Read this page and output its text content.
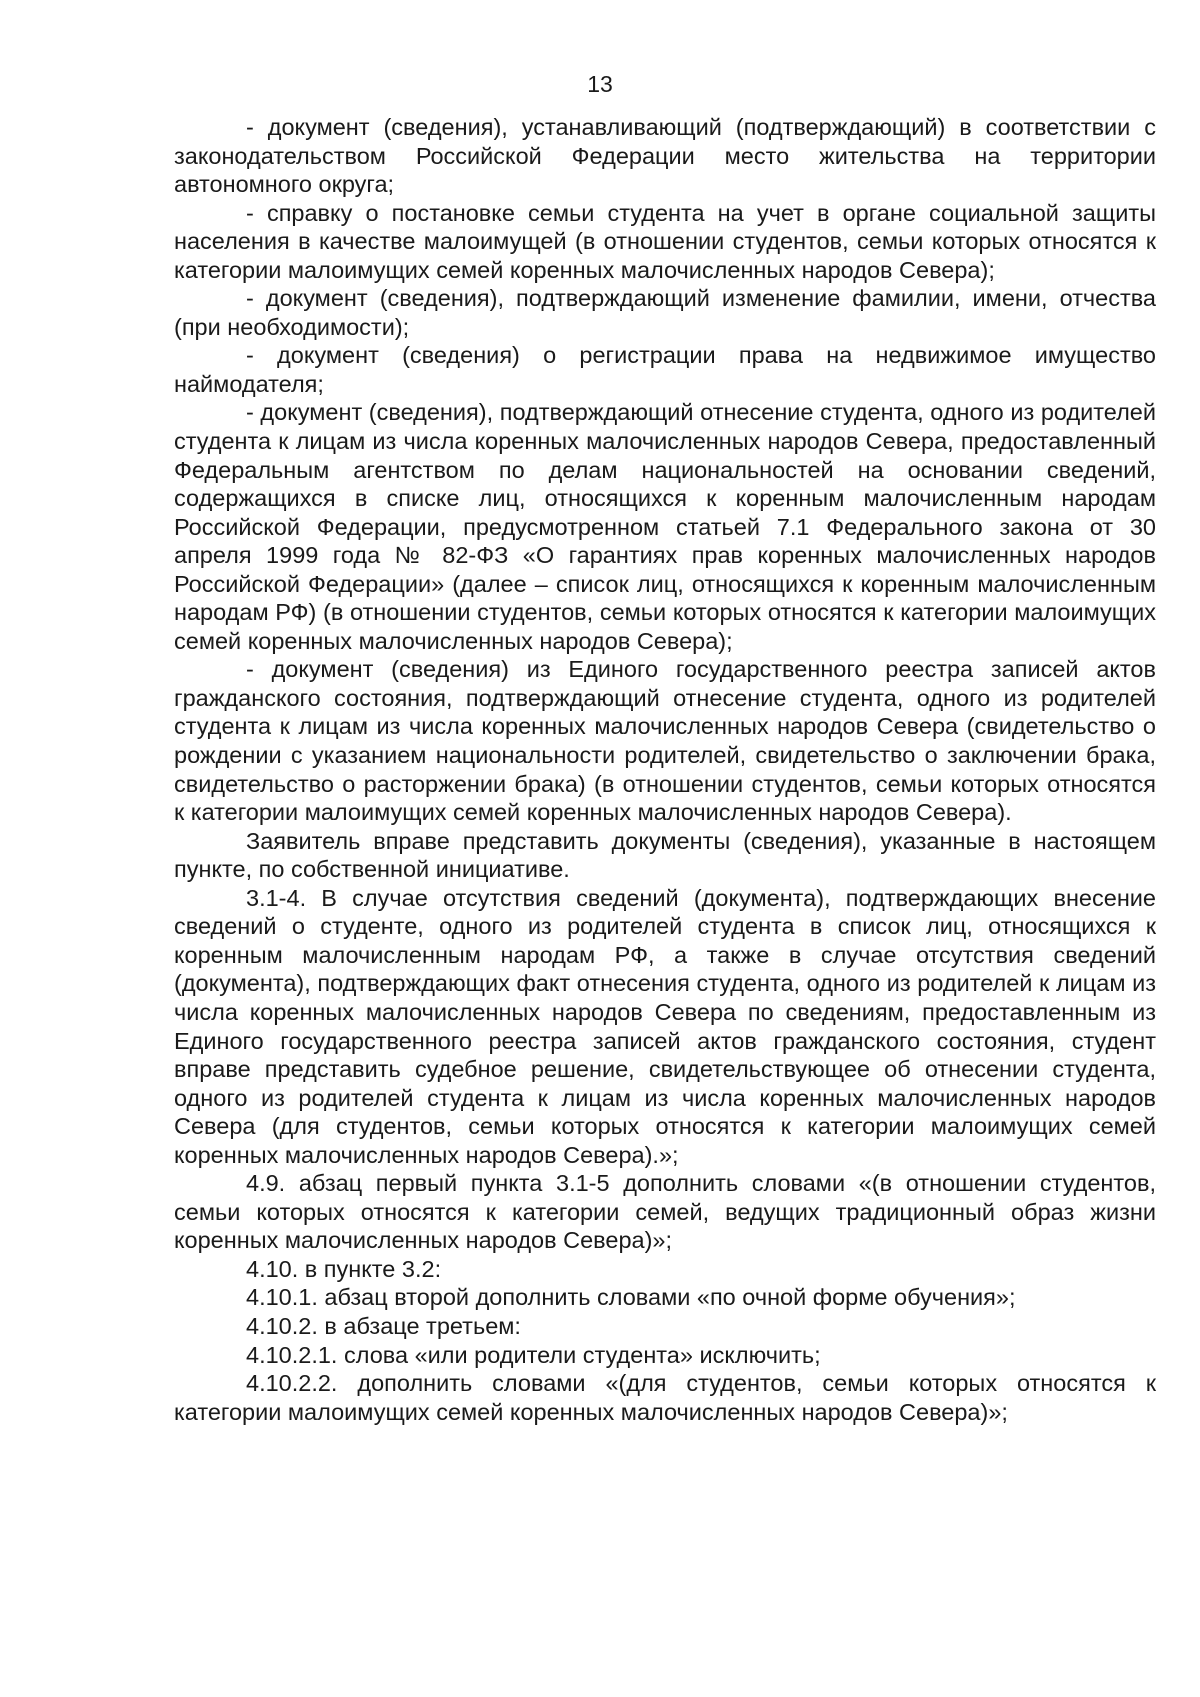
13

- документ (сведения), устанавливающий (подтверждающий) в соответствии с законодательством Российской Федерации место жительства на территории автономного округа;

- справку о постановке семьи студента на учет в органе социальной защиты населения в качестве малоимущей (в отношении студентов, семьи которых относятся к категории малоимущих семей коренных малочисленных народов Севера);

- документ (сведения), подтверждающий изменение фамилии, имени, отчества (при необходимости);

- документ (сведения) о регистрации права на недвижимое имущество наймодателя;

- документ (сведения), подтверждающий отнесение студента, одного из родителей студента к лицам из числа коренных малочисленных народов Севера, предоставленный Федеральным агентством по делам национальностей на основании сведений, содержащихся в списке лиц, относящихся к коренным малочисленным народам Российской Федерации, предусмотренном статьей 7.1 Федерального закона от 30 апреля 1999 года № 82-ФЗ «О гарантиях прав коренных малочисленных народов Российской Федерации» (далее – список лиц, относящихся к коренным малочисленным народам РФ) (в отношении студентов, семьи которых относятся к категории малоимущих семей коренных малочисленных народов Севера);

- документ (сведения) из Единого государственного реестра записей актов гражданского состояния, подтверждающий отнесение студента, одного из родителей студента к лицам из числа коренных малочисленных народов Севера (свидетельство о рождении с указанием национальности родителей, свидетельство о заключении брака, свидетельство о расторжении брака) (в отношении студентов, семьи которых относятся к категории малоимущих семей коренных малочисленных народов Севера).

Заявитель вправе представить документы (сведения), указанные в настоящем пункте, по собственной инициативе.

3.1-4. В случае отсутствия сведений (документа), подтверждающих внесение сведений о студенте, одного из родителей студента в список лиц, относящихся к коренным малочисленным народам РФ, а также в случае отсутствия сведений (документа), подтверждающих факт отнесения студента, одного из родителей к лицам из числа коренных малочисленных народов Севера по сведениям, предоставленным из Единого государственного реестра записей актов гражданского состояния, студент вправе представить судебное решение, свидетельствующее об отнесении студента, одного из родителей студента к лицам из числа коренных малочисленных народов Севера (для студентов, семьи которых относятся к категории малоимущих семей коренных малочисленных народов Севера).»;

4.9. абзац первый пункта 3.1-5 дополнить словами «(в отношении студентов, семьи которых относятся к категории семей, ведущих традиционный образ жизни коренных малочисленных народов Севера)»;

4.10. в пункте 3.2:

4.10.1. абзац второй дополнить словами «по очной форме обучения»;

4.10.2. в абзаце третьем:

4.10.2.1. слова «или родители студента» исключить;

4.10.2.2. дополнить словами «(для студентов, семьи которых относятся к категории малоимущих семей коренных малочисленных народов Севера)»;
